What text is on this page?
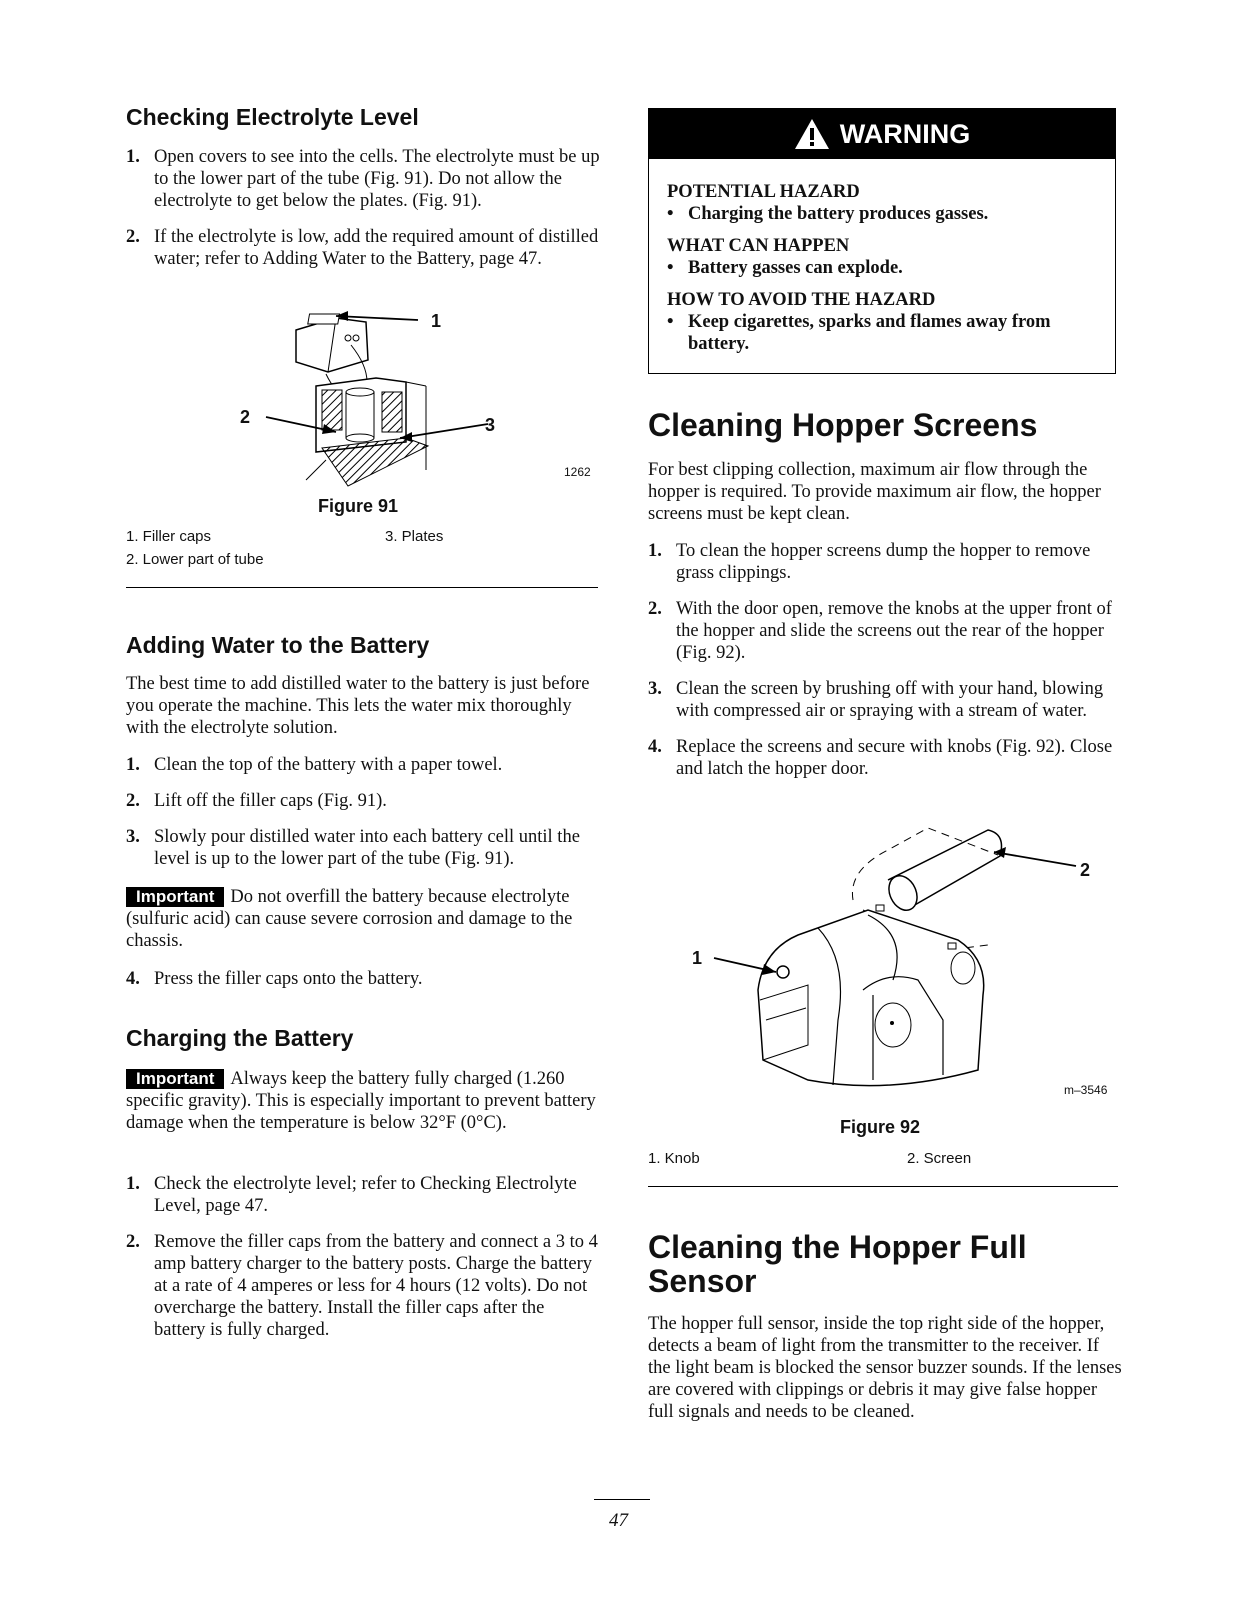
Checking Electrolyte Level
1. Open covers to see into the cells. The electrolyte must be up to the lower part of the tube (Fig. 91). Do not allow the electrolyte to get below the plates. (Fig. 91).
2. If the electrolyte is low, add the required amount of distilled water; refer to Adding Water to the Battery, page 47.
1
2	3
1262
Figure 91
1. Filler caps	3. Plates
2. Lower part of tube
Adding Water to the Battery

The best time to add distilled water to the battery is just before you operate the machine. This lets the water mix thoroughly with the electrolyte solution.

1. Clean the top of the battery with a paper towel.
2. Lift off the filler caps (Fig. 91).
3. Slowly pour distilled water into each battery cell until the level is up to the lower part of the tube (Fig. 91).

Important Do not overfill the battery because electrolyte (sulfuric acid) can cause severe corrosion and damage to the chassis.

4. Press the filler caps onto the battery.
Charging the Battery

Important Always keep the battery fully charged (1.260 specific gravity). This is especially important to prevent battery damage when the temperature is below 32°F (0°C).

1. Check the electrolyte level; refer to Checking Electrolyte Level, page 47.
2. Remove the filler caps from the battery and connect a 3 to 4 amp battery charger to the battery posts. Charge the battery at a rate of 4 amperes or less for 4 hours (12 volts). Do not overcharge the battery. Install the filler caps after the battery is fully charged.
WARNING
POTENTIAL HAZARD
• Charging the battery produces gasses.
WHAT CAN HAPPEN
• Battery gasses can explode.
HOW TO AVOID THE HAZARD
• Keep cigarettes, sparks and flames away from battery.
Cleaning Hopper Screens

For best clipping collection, maximum air flow through the hopper is required. To provide maximum air flow, the hopper screens must be kept clean.

1. To clean the hopper screens dump the hopper to remove grass clippings.
2. With the door open, remove the knobs at the upper front of the hopper and slide the screens out the rear of the hopper (Fig. 92).
3. Clean the screen by brushing off with your hand, blowing with compressed air or spraying with a stream of water.
4. Replace the screens and secure with knobs (Fig. 92). Close and latch the hopper door.
1
2
m–3546
Figure 92
1. Knob	2. Screen
Cleaning the Hopper Full Sensor

The hopper full sensor, inside the top right side of the hopper, detects a beam of light from the transmitter to the receiver. If the light beam is blocked the sensor buzzer sounds. If the lenses are covered with clippings or debris it may give false hopper full signals and needs to be cleaned.

47
